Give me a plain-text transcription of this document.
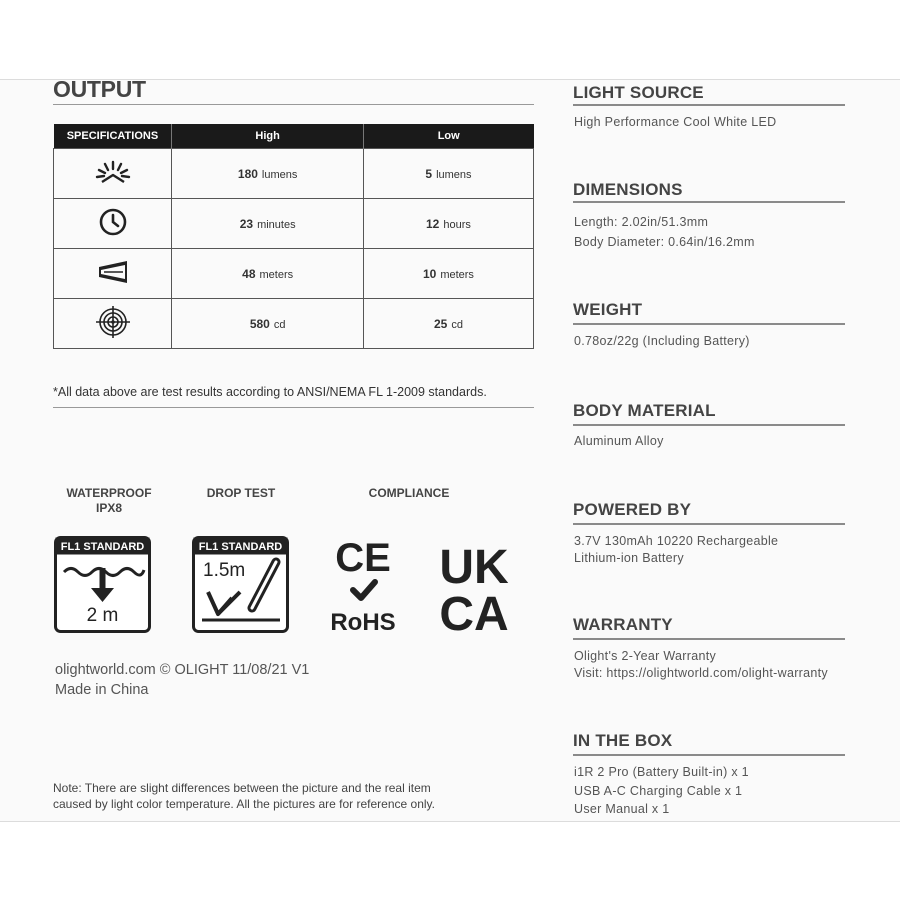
OUTPUT
SPECIFICATIONS	High	Low
	180 lumens	5 lumens
	23 minutes	12 hours
	48 meters	10 meters
	580 cd	25 cd
*All data above are test results according to ANSI/NEMA FL 1-2009 standards.
WATERPROOF
IPX8
DROP TEST	COMPLIANCE
FL1 STANDARD
2 m
FL1 STANDARD
1.5m CE
RoHS
UK
CA
olightworld.com © OLIGHT 11/08/21 V1
Made in China
Note: There are slight differences between the picture and the real item
caused by light color temperature. All the pictures are for reference only.
LIGHT SOURCE
High Performance Cool White LED
DIMENSIONS
Length: 2.02in/51.3mm
Body Diameter: 0.64in/16.2mm
WEIGHT
0.78oz/22g (Including Battery)
BODY MATERIAL
Aluminum Alloy
POWERED BY
3.7V 130mAh 10220 Rechargeable
Lithium-ion Battery
WARRANTY
Olight's 2-Year Warranty
Visit: https://olightworld.com/olight-warranty
IN THE BOX
i1R 2 Pro (Battery Built-in) x 1
USB A-C Charging Cable x 1
User Manual x 1
